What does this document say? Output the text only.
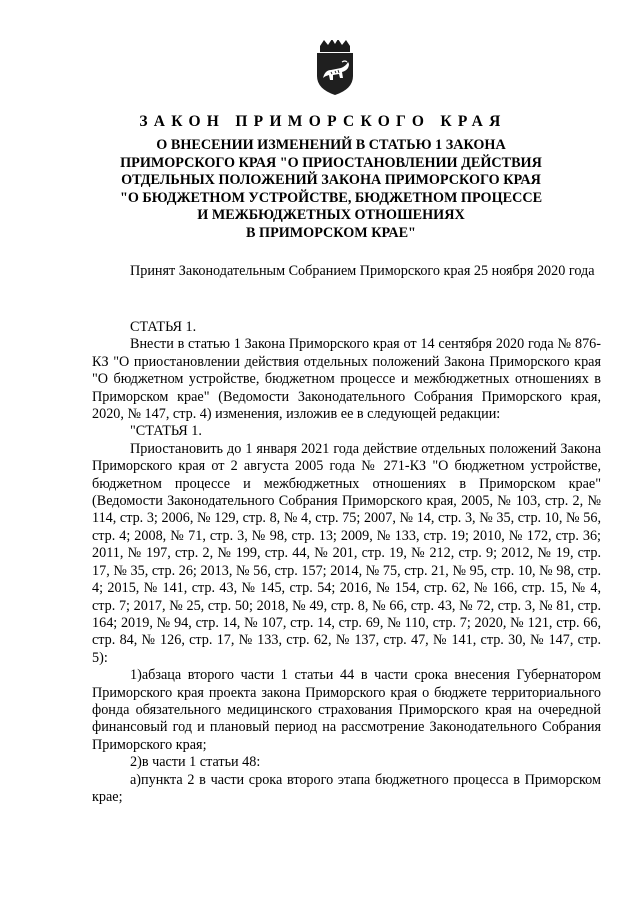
ЗАКОН ПРИМОРСКОГО КРАЯ
О ВНЕСЕНИИ ИЗМЕНЕНИЙ В СТАТЬЮ 1 ЗАКОНА
ПРИМОРСКОГО КРАЯ "О ПРИОСТАНОВЛЕНИИ ДЕЙСТВИЯ
ОТДЕЛЬНЫХ ПОЛОЖЕНИЙ ЗАКОНА ПРИМОРСКОГО КРАЯ
"О БЮДЖЕТНОМ УСТРОЙСТВЕ, БЮДЖЕТНОМ ПРОЦЕССЕ
И МЕЖБЮДЖЕТНЫХ ОТНОШЕНИЯХ
В ПРИМОРСКОМ КРАЕ"

Принят Законодательным Собранием Приморского края 25 ноября 2020 года

СТАТЬЯ 1.

Внести в статью 1 Закона Приморского края от 14 сентября 2020 года № 876-КЗ "О приостановлении действия отдельных положений Закона Приморского края "О бюджетном устройстве, бюджетном процессе и межбюджетных отношениях в Приморском крае" (Ведомости Законодательного Собрания Приморского края, 2020, № 147, стр. 4) изменения, изложив ее в следующей редакции:

"СТАТЬЯ 1.

Приостановить до 1 января 2021 года действие отдельных положений Закона Приморского края от 2 августа 2005 года № 271-КЗ "О бюджетном устройстве, бюджетном процессе и межбюджетных отношениях в Приморском крае" (Ведомости Законодательного Собрания Приморского края, 2005, № 103, стр. 2, № 114, стр. 3; 2006, № 129, стр. 8, № 4, стр. 75; 2007, № 14, стр. 3, № 35, стр. 10, № 56, стр. 4; 2008, № 71, стр. 3, № 98, стр. 13; 2009, № 133, стр. 19; 2010, № 172, стр. 36; 2011, № 197, стр. 2, № 199, стр. 44, № 201, стр. 19, № 212, стр. 9; 2012, № 19, стр. 17, № 35, стр. 26; 2013, № 56, стр. 157; 2014, № 75, стр. 21, № 95, стр. 10, № 98, стр. 4; 2015, № 141, стр. 43, № 145, стр. 54; 2016, № 154, стр. 62, № 166, стр. 15, № 4, стр. 7; 2017, № 25, стр. 50; 2018, № 49, стр. 8, № 66, стр. 43, № 72, стр. 3, № 81, стр. 164; 2019, № 94, стр. 14, № 107, стр. 14, стр. 69, № 110, стр. 7; 2020, № 121, стр. 66, стр. 84, № 126, стр. 17, № 133, стр. 62, № 137, стр. 47, № 141, стр. 30, № 147, стр. 5):

1)абзаца второго части 1 статьи 44 в части срока внесения Губернатором Приморского края проекта закона Приморского края о бюджете территориального фонда обязательного медицинского страхования Приморского края на очередной финансовый год и плановый период на рассмотрение Законодательного Собрания Приморского края;

2)в части 1 статьи 48:

а)пункта 2 в части срока второго этапа бюджетного процесса в Приморском крае;
